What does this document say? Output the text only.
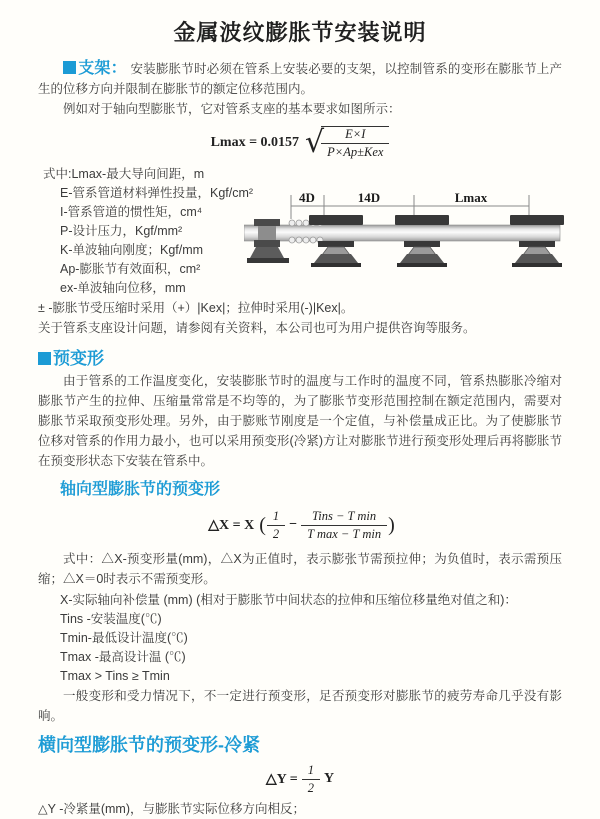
金属波纹膨胀节安装说明

支架： 安装膨胀节时必须在管系上安装必要的支架，以控制管系的变形在膨胀节上产生的位移方向并限制在膨胀节的额定位移范围内。

例如对于轴向型膨胀节，它对管系支座的基本要求如图所示：

Lmax = 0.0157 √
$\frac{E\times I}{\text{P×Ap±Kex}}$
式中:Lmax-最大导向间距，m
E-管系管道材料弹性投量，Kgf/cm²
I-管系管道的惯性矩，cm⁴
P-设计压力，Kgf/mm²
K-单波轴向刚度；Kgf/mm
Ap-膨胀节有效面积，cm²
ex-单波轴向位移，mm

± -膨胀节受压缩时采用（+）|Kex|；拉伸时采用(-)|Kex|。

关于管系支座设计问题，请参阅有关资料，本公司也可为用户提供咨询等服务。

预变形

由于管系的工作温度变化，安装膨胀节时的温度与工作时的温度不同，管系热膨胀冷缩对膨胀节产生的拉伸、压缩量常常是不均等的，为了膨胀节变形范围控制在额定范围内，需要对膨胀节采取预变形处理。另外，由于膨账节刚度是一个定值，与补偿量成正比。为了使膨胀节位移对管系的作用力最小，也可以采用预变形(冷紧)方让对膨胀节进行预变形处理后再将膨胀节在预变形状态下安装在管系中。

轴向型膨胀节的预变形
△X = X ( $\frac{1}{2} - \frac{\text{Tins − T min}}{\text{T max − T min}}$ )

式中：△X-预变形量(mm)，△X为正值时，表示膨张节需预拉伸；为负值时，表示需预压缩；△X＝0时表示不需预变形。

X-实际轴向补偿量 (mm) (相对于膨胀节中间状态的拉伸和压缩位移量绝对值之和)：
Tins -安装温度(℃)
Tmin-最低设计温度(℃)
Tmax -最高设计温 (℃)
Tmax > Tins ≥ Tmin

一般变形和受力情况下，不一定进行预变形，足否预变形对膨胀节的疲劳寿命几乎没有影响。

横向型膨胀节的预变形-冷紧
△Y = $\frac{1}{2}$ Y

△Y -冷紧量(mm)，与膨胀节实际位移方向相反；

4D	14D	Lmax
